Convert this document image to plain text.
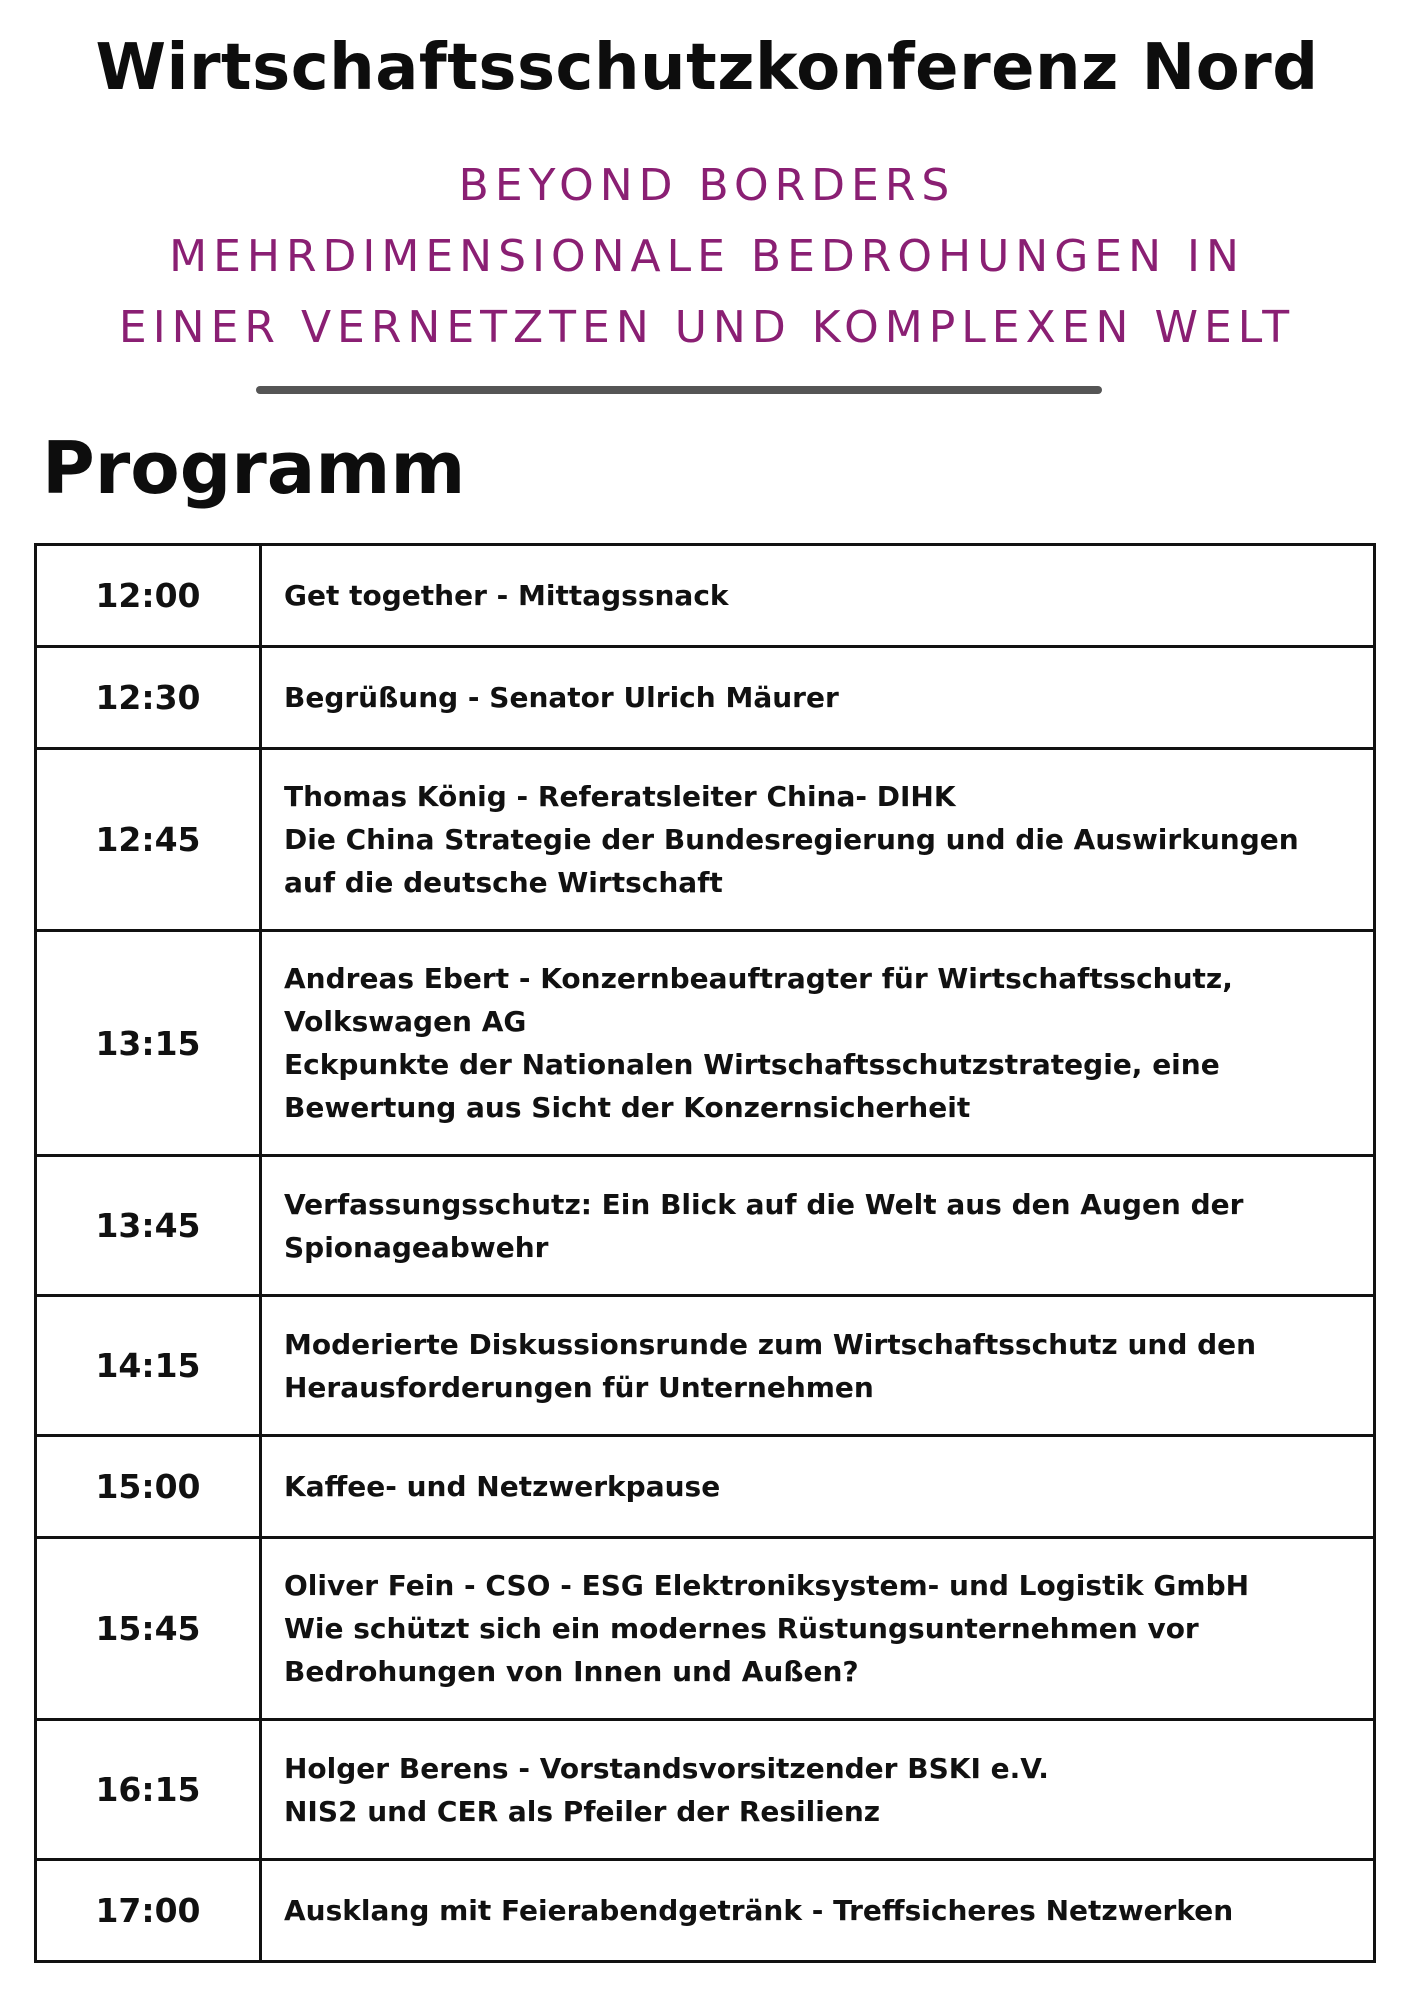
Wirtschaftsschutzkonferenz Nord
BEYOND BORDERS
MEHRDIMENSIONALE BEDROHUNGEN IN
EINER VERNETZTEN UND KOMPLEXEN WELT
Programm
12:00	Get together - Mittagssnack

12:30	Begrüßung - Senator Ulrich Mäurer

12:45	Thomas König - Referatsleiter China- DIHK
Die China Strategie der Bundesregierung und die Auswirkungen
auf die deutsche Wirtschaft

13:15	Andreas Ebert - Konzernbeauftragter für Wirtschaftsschutz,
Volkswagen AG
Eckpunkte der Nationalen Wirtschaftsschutzstrategie, eine
Bewertung aus Sicht der Konzernsicherheit

13:45	Verfassungsschutz: Ein Blick auf die Welt aus den Augen der
Spionageabwehr

14:15	Moderierte Diskussionsrunde zum Wirtschaftsschutz und den
Herausforderungen für Unternehmen

15:00	Kaffee- und Netzwerkpause

15:45	Oliver Fein - CSO - ESG Elektroniksystem- und Logistik GmbH
Wie schützt sich ein modernes Rüstungsunternehmen vor
Bedrohungen von Innen und Außen?

16:15	Holger Berens - Vorstandsvorsitzender BSKI e.V.
NIS2 und CER als Pfeiler der Resilienz

17:00	Ausklang mit Feierabendgetränk - Treffsicheres Netzwerken
